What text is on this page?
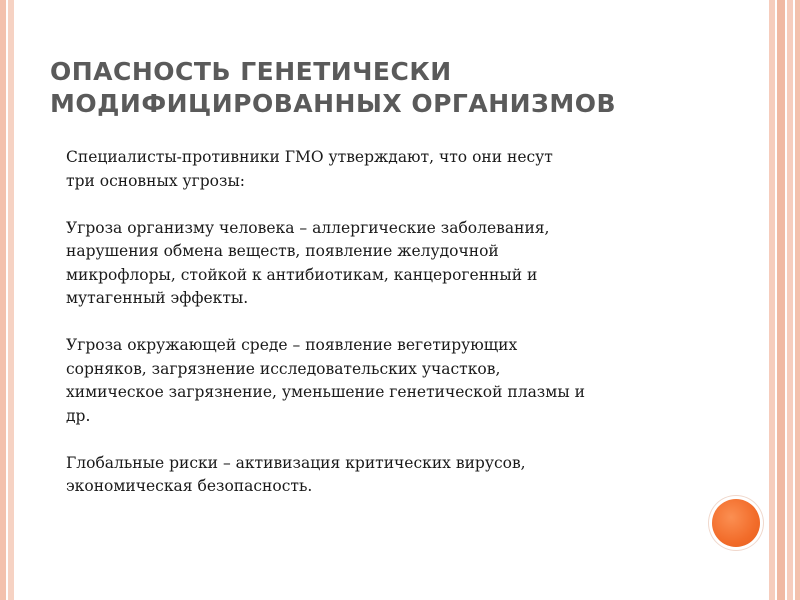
ОПАСНОСТЬ ГЕНЕТИЧЕСКИ
МОДИФИЦИРОВАННЫХ ОРГАНИЗМОВ

Специалисты-противники ГМО утверждают, что они несут
три основных угрозы:

Угроза организму человека – аллергические заболевания,
нарушения обмена веществ, появление желудочной
микрофлоры, стойкой к антибиотикам, канцерогенный и
мутагенный эффекты.

Угроза окружающей среде – появление вегетирующих
сорняков, загрязнение исследовательских участков,
химическое загрязнение, уменьшение генетической плазмы и
др.

Глобальные риски – активизация критических вирусов,
экономическая безопасность.
